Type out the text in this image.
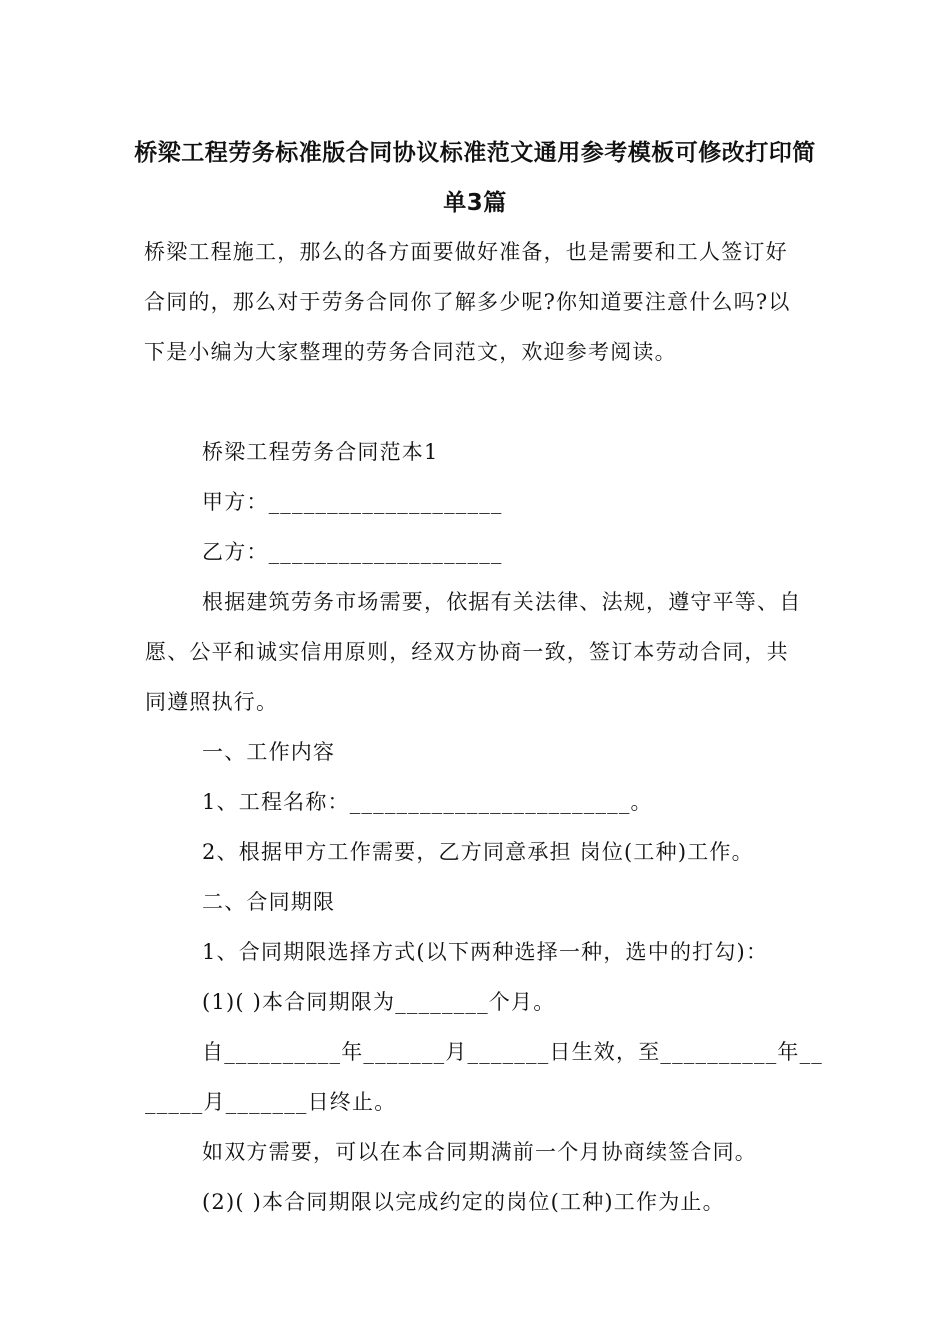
桥梁工程劳务标准版合同协议标准范文通用参考模板可修改打印简
单3篇
桥梁工程施工，那么的各方面要做好准备，也是需要和工人签订好
合同的，那么对于劳务合同你了解多少呢?你知道要注意什么吗?以
下是小编为大家整理的劳务合同范文，欢迎参考阅读。
桥梁工程劳务合同范本1
甲方：____________________
乙方：____________________
根据建筑劳务市场需要，依据有关法律、法规，遵守平等、自
愿、公平和诚实信用原则，经双方协商一致，签订本劳动合同，共
同遵照执行。
一、工作内容
1、工程名称：________________________。
2、根据甲方工作需要，乙方同意承担 岗位(工种)工作。
二、合同期限
1、合同期限选择方式(以下两种选择一种，选中的打勾)：
(1)( )本合同期限为________个月。
自__________年_______月_______日生效，至__________年__
_____月_______日终止。
如双方需要，可以在本合同期满前一个月协商续签合同。
(2)( )本合同期限以完成约定的岗位(工种)工作为止。
